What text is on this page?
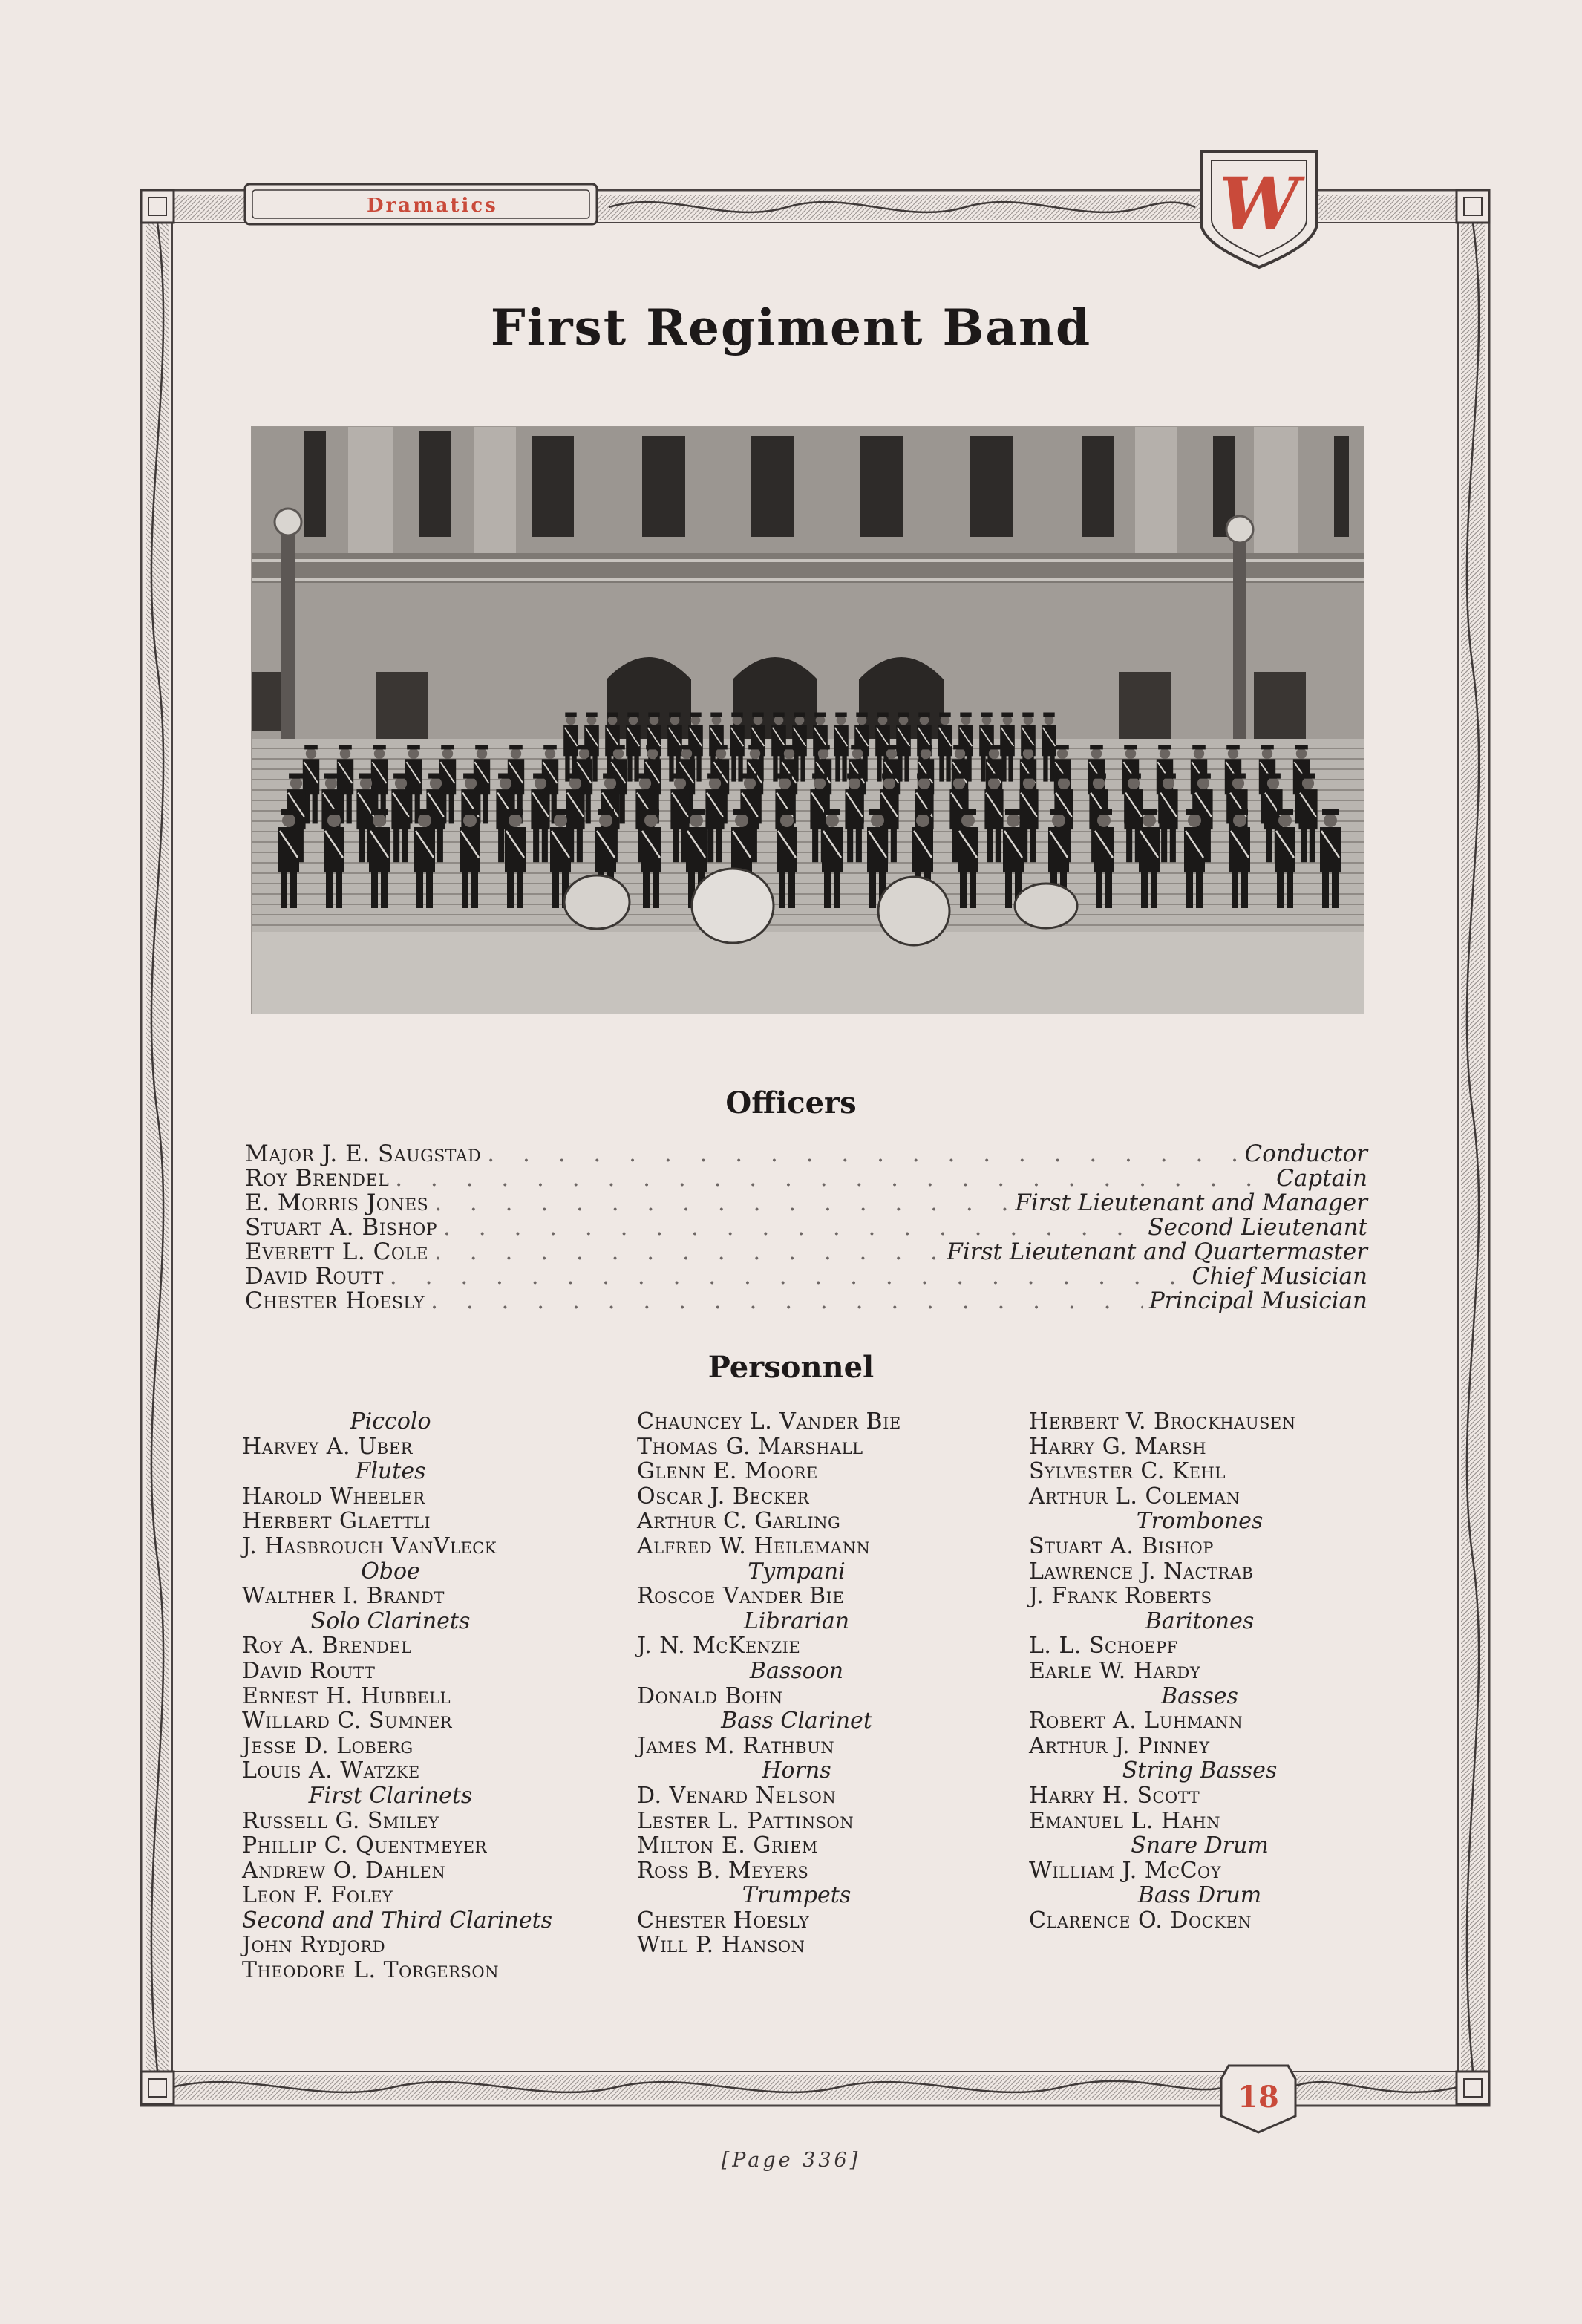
W
Dramatics
First Regiment Band
Officers
Major J. E. Saugstad . . .	Conductor
Roy Brendel . . .	Captain
E. Morris Jones . . .	First Lieutenant and Manager
Stuart A. Bishop . . .	Second Lieutenant
Everett L. Cole . . .	First Lieutenant and Quartermaster
David Routt . . .	Chief Musician
Chester Hoesly . . .	Principal Musician
Personnel
Piccolo
Harvey A. Uber
Flutes
Harold Wheeler
Herbert Glaettli
J. Hasbrouch VanVleck
Oboe
Walther I. Brandt
Solo Clarinets
Roy A. Brendel
David Routt
Ernest H. Hubbell
Willard C. Sumner
Jesse D. Loberg
Louis A. Watzke
First Clarinets
Russell G. Smiley
Phillip C. Quentmeyer
Andrew O. Dahlen
Leon F. Foley
Second and Third Clarinets
John Rydjord
Theodore L. Torgerson
Chauncey L. Vander Bie
Thomas G. Marshall
Glenn E. Moore
Oscar J. Becker
Arthur C. Garling
Alfred W. Heilemann
Tympani
Roscoe Vander Bie
Librarian
J. N. McKenzie
Bassoon
Donald Bohn
Bass Clarinet
James M. Rathbun
Horns
D. Venard Nelson
Lester L. Pattinson
Milton E. Griem
Ross B. Meyers
Trumpets
Chester Hoesly
Will P. Hanson
Herbert V. Brockhausen
Harry G. Marsh
Sylvester C. Kehl
Arthur L. Coleman
Trombones
Stuart A. Bishop
Lawrence J. Nactrab
J. Frank Roberts
Baritones
L. L. Schoepf
Earle W. Hardy
Basses
Robert A. Luhmann
Arthur J. Pinney
String Basses
Harry H. Scott
Emanuel L. Hahn
Snare Drum
William J. McCoy
Bass Drum
Clarence O. Docken
18
[Page 336]
